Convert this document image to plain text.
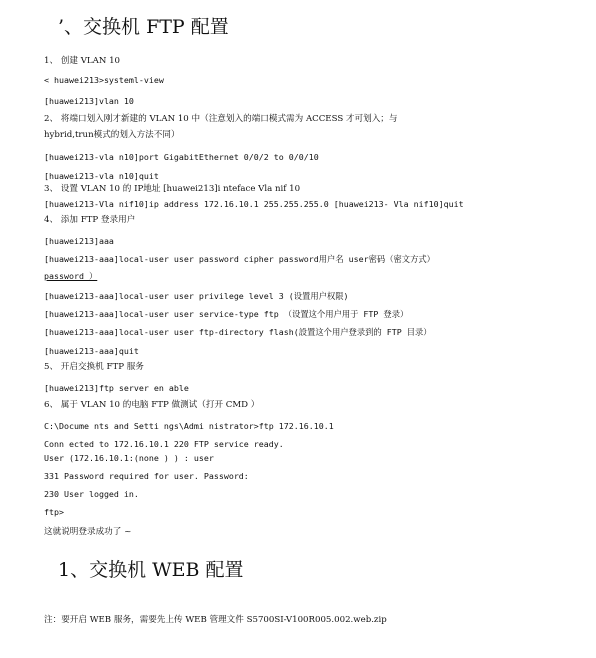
’、交换机 FTP 配置
1、 创建 VLAN 10
< huawei213>systeml-view
[huawei213]vlan 10
2、 将端口划入刚才新建的 VLAN 10 中（注意划入的端口模式需为 ACCESS 才可划入；与
hybrid,trun模式的划入方法不同）
[huawei213-vla n10]port GigabitEthernet 0/0/2 to 0/0/10
[huawei213-vla n10]quit
3、 设置 VLAN 10 的 IP地址 [huawei213]i nteface Vla nif 10
[huawei213-Vla nif10]ip address 172.16.10.1 255.255.255.0 [huawei213- Vla nif10]quit
4、 添加 FTP 登录用户
[huawei213]aaa
[huawei213-aaa]local-user user password cipher password用户名 user密码（密文方式）
password ）
[huawei213-aaa]local-user user privilege level 3 (设置用户权限)
[huawei213-aaa]local-user user service-type ftp （设置这个用户用于 FTP 登录）
[huawei213-aaa]local-user user ftp-directory flash(設置这个用户登录到的 FTP 目录）
[huawei213-aaa]quit
5、 开启交换机 FTP 服务
[huawei213]ftp server en able
6、 属于 VLAN 10 的电脑 FTP 做测试（打开 CMD ）
C:\Docume nts and Setti ngs\Admi nistrator>ftp 172.16.10.1
Conn ected to 172.16.10.1 220 FTP service ready.
User (172.16.10.1:(none ) ) : user
331 Password required for user. Password:
230 User logged in.
ftp>
这就说明登录成功了 ~
1、交换机 WEB 配置
注：要开启 WEB 服务，需要先上传 WEB 管理文件 S5700SI-V100R005.002.web.zip
